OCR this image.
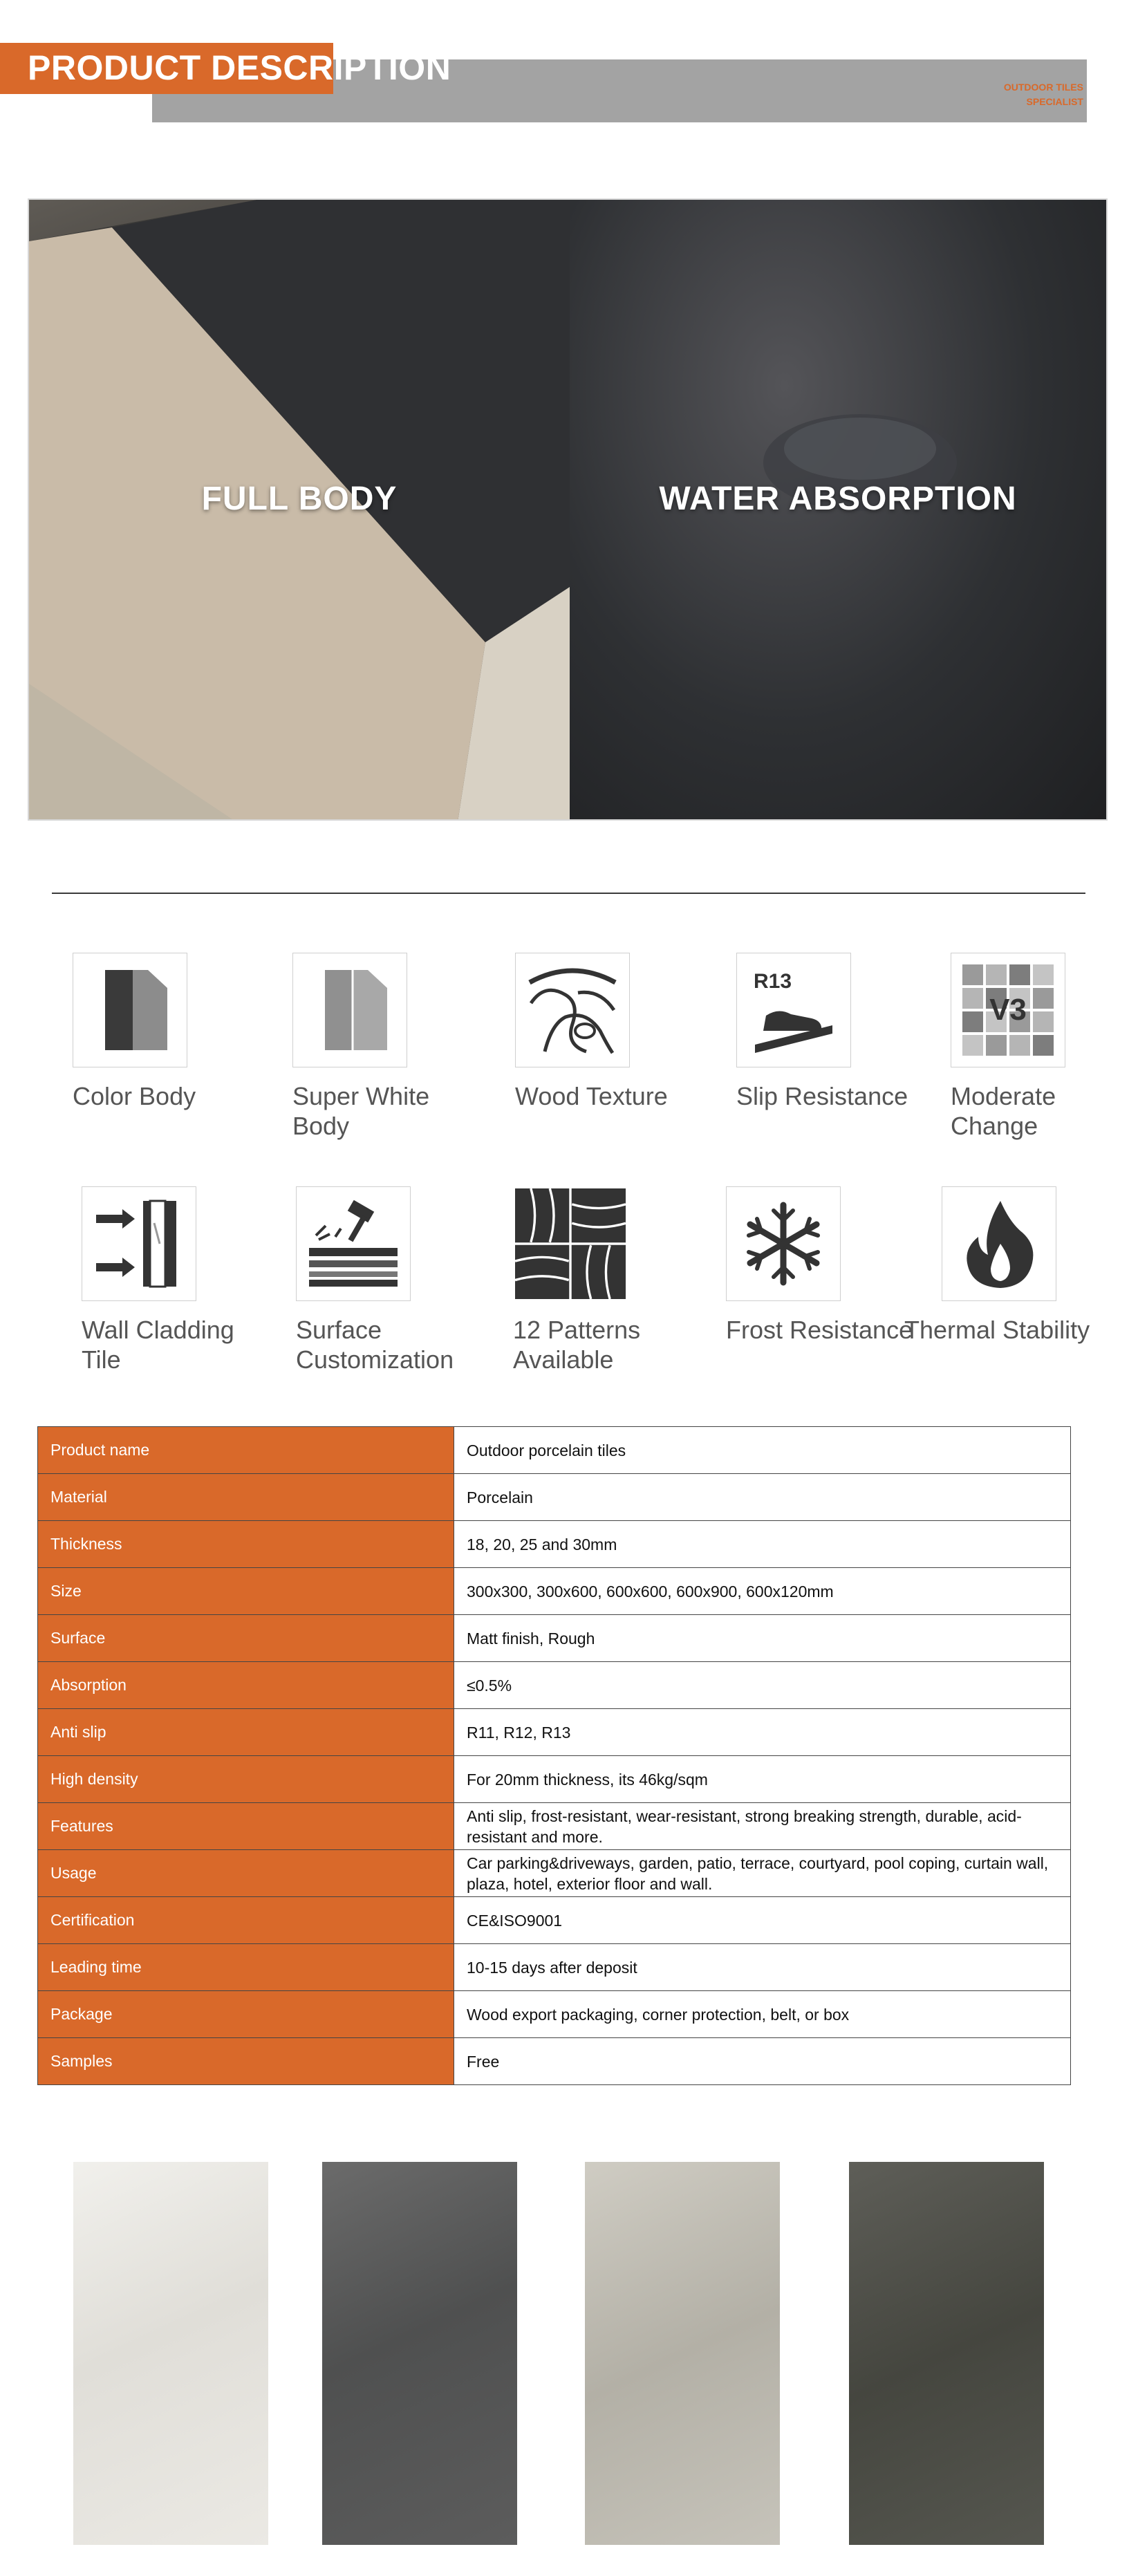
PRODUCT DESCRIPTION	OUTDOOR TILES
SPECIALIST
FULL BODY	WATER ABSORPTION
Color Body	Super White Body
Wood Texture
R13
Slip Resistance
V3
Moderate Change
Wall Cladding Tile
Surface Customization
12 Patterns Available
Frost Resistance
Thermal Stability
Product name	Outdoor porcelain tiles
Material	Porcelain
Thickness	18, 20, 25 and 30mm
Size	300x300, 300x600, 600x600, 600x900, 600x120mm
Surface	Matt finish, Rough
Absorption	≤0.5%
Anti slip	R11, R12, R13
High density	For 20mm thickness, its 46kg/sqm
Features	Anti slip, frost-resistant, wear-resistant, strong breaking strength, durable, acid-resistant and more.
Usage	Car parking&driveways, garden, patio, terrace, courtyard, pool coping, curtain wall, plaza, hotel, exterior floor and wall.
Certification	CE&ISO9001
Leading time	10-15 days after deposit
Package	Wood export packaging, corner protection, belt, or box
Samples	Free
